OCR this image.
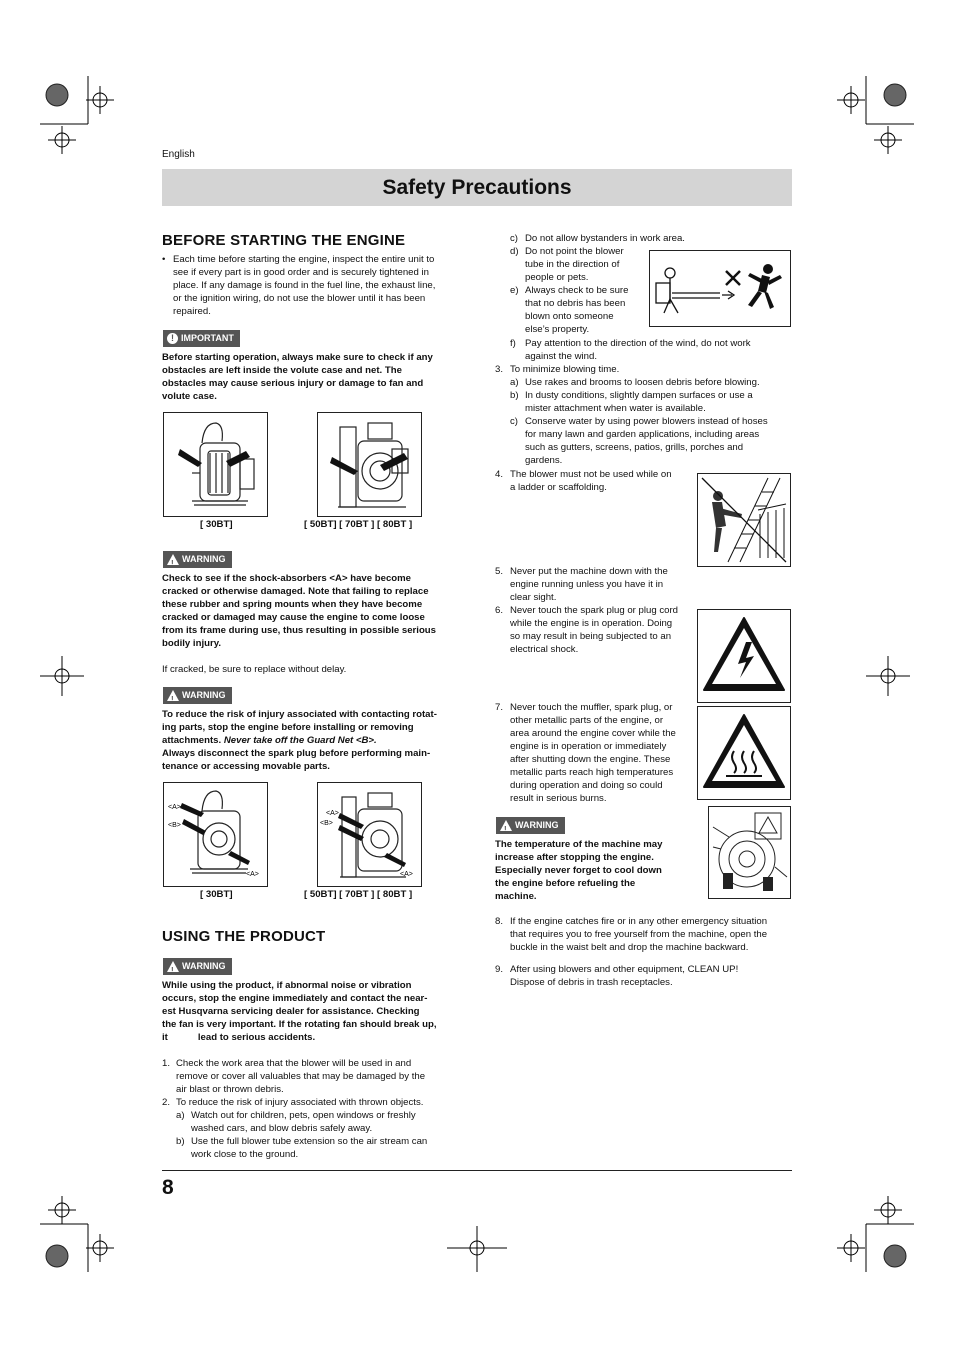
English
Safety Precautions
BEFORE STARTING THE ENGINE
• Each time before starting the engine, inspect the entire unit to
see if every part is in good order and is securely tightened in
place. If any damage is found in the fuel line, the exhaust line,
or the ignition wiring, do not use the blower until it has been
repaired.
! IMPORTANT
Before starting operation, always make sure to check if any
obstacles are left inside the volute case and net. The
obstacles may cause serious injury or damage to fan and
volute case.
[ 30BT]	[ 50BT] [ 70BT ] [ 80BT ]
!
WARNING
Check to see if the shock-absorbers <A> have become
cracked or otherwise damaged. Note that failing to replace
these rubber and spring mounts when they have become
cracked or damaged may cause the engine to come loose
from its frame during use, thus resulting in possible serious
bodily injury.
If cracked, be sure to replace without delay.
!
WARNING
To reduce the risk of injury associated with contacting rotat-
ing parts, stop the engine before installing or removing
attachments. Never take off the Guard Net <B>.
Always disconnect the spark plug before performing main-
tenance or accessing movable parts.
<A>
<B>
<A>
<A>
<B>
<A>
[ 30BT]	[ 50BT] [ 70BT ] [ 80BT ]
USING THE PRODUCT
!
WARNING
While using the product, if abnormal noise or vibration
occurs, stop the engine immediately and contact the near-
est Husqvarna servicing dealer for assistance. Checking
the fan is very important. If the rotating fan should break up,
it	lead to serious accidents.
1. Check the work area that the blower will be used in and
remove or cover all valuables that may be damaged by the
air blast or thrown debris.
2. To reduce the risk of injury associated with thrown objects.
a) Watch out for children, pets, open windows or freshly
washed cars, and blow debris safely away.
b) Use the full blower tube extension so the air stream can
work close to the ground.
c) Do not allow bystanders in work area.
d) Do not point the blower
tube in the direction of
people or pets.
e) Always check to be sure
that no debris has been
blown onto someone
else’s property.
f) Pay attention to the direction of the wind, do not work
against the wind.
3. To minimize blowing time.
a) Use rakes and brooms to loosen debris before blowing.
b) In dusty conditions, slightly dampen surfaces or use a
mister attachment when water is available.
c) Conserve water by using power blowers instead of hoses
for many lawn and garden applications, including areas
such as gutters, screens, patios, grills, porches and
gardens.
4. The blower must not be used while on
a ladder or scaffolding.
5. Never put the machine down with the
engine running unless you have it in
clear sight.
6. Never touch the spark plug or plug cord
while the engine is in operation. Doing
so may result in being subjected to an
electrical shock.
7. Never touch the muffler, spark plug, or
other metallic parts of the engine, or
area around the engine cover while the
engine is in operation or immediately
after shutting down the engine. These
metallic parts reach high temperatures
during operation and doing so could
result in serious burns.
!
WARNING
The temperature of the machine may
increase after stopping the engine.
Especially never forget to cool down
the engine before refueling the
machine.
8. If the engine catches fire or in any other emergency situation
that requires you to free yourself from the machine, open the
buckle in the waist belt and drop the machine backward.
9. After using blowers and other equipment, CLEAN UP!
Dispose of debris in trash receptacles.
8
